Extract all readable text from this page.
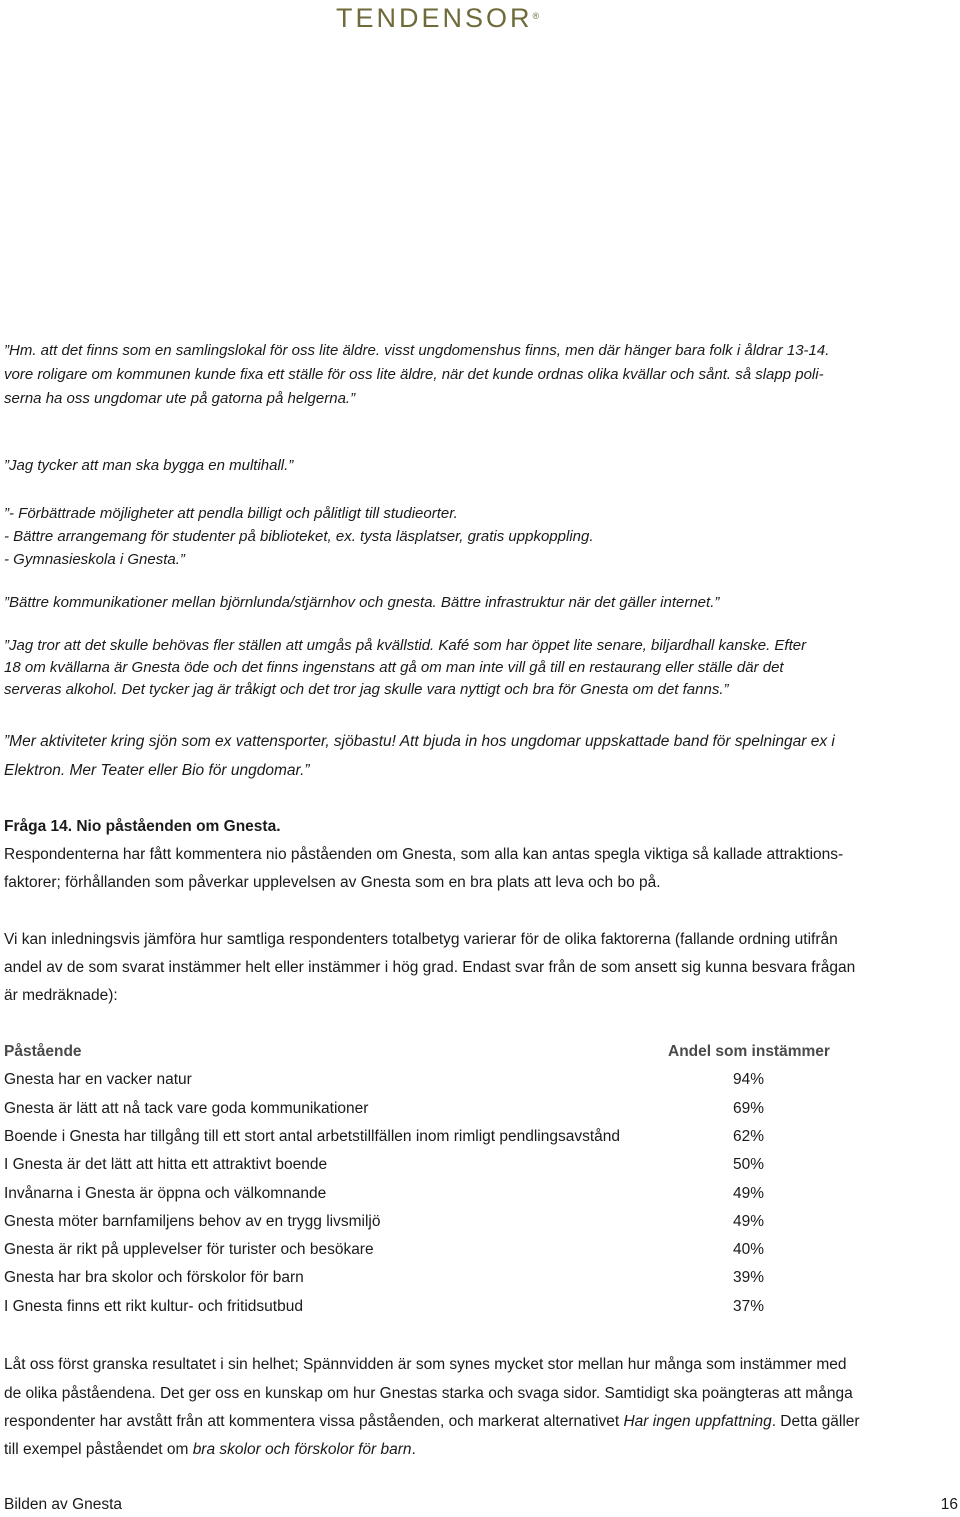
TENDENSOR®
”Hm. att det finns som en samlingslokal för oss lite äldre. visst ungdomenshus finns, men där hänger bara folk i åldrar 13-14.
vore roligare om kommunen kunde fixa ett ställe för oss lite äldre, när det kunde ordnas olika kvällar och sånt. så slapp poli-
serna ha oss ungdomar ute på gatorna på helgerna.”
”Jag tycker att man ska bygga en multihall.”
”- Förbättrade möjligheter att pendla billigt och pålitligt till studieorter.
- Bättre arrangemang för studenter på biblioteket, ex. tysta läsplatser, gratis uppkoppling.
- Gymnasieskola i Gnesta.”
”Bättre kommunikationer mellan björnlunda/stjärnhov och gnesta. Bättre infrastruktur när det gäller internet.”
”Jag tror att det skulle behövas fler ställen att umgås på kvällstid. Kafé som har öppet lite senare, biljardhall kanske. Efter
18 om kvällarna är Gnesta öde och det finns ingenstans att gå om man inte vill gå till en restaurang eller ställe där det
serveras alkohol. Det tycker jag är tråkigt och det tror jag skulle vara nyttigt och bra för Gnesta om det fanns.”
”Mer aktiviteter kring sjön som ex vattensporter, sjöbastu! Att bjuda in hos ungdomar uppskattade band för spelningar ex i
Elektron. Mer Teater eller Bio för ungdomar.”
Fråga 14. Nio påståenden om Gnesta.
Respondenterna har fått kommentera nio påståenden om Gnesta, som alla kan antas spegla viktiga så kallade attraktions-
faktorer; förhållanden som påverkar upplevelsen av Gnesta som en bra plats att leva och bo på.
Vi kan inledningsvis jämföra hur samtliga respondenters totalbetyg varierar för de olika faktorerna (fallande ordning utifrån
andel av de som svarat instämmer helt eller instämmer i hög grad. Endast svar från de som ansett sig kunna besvara frågan
är medräknade):
Påstående	Andel som instämmer
Gnesta har en vacker natur	94%
Gnesta är lätt att nå tack vare goda kommunikationer	69%
Boende i Gnesta har tillgång till ett stort antal arbetstillfällen inom rimligt pendlingsavstånd	62%
I Gnesta är det lätt att hitta ett attraktivt boende	50%
Invånarna i Gnesta är öppna och välkomnande	49%
Gnesta möter barnfamiljens behov av en trygg livsmiljö	49%
Gnesta är rikt på upplevelser för turister och besökare	40%
Gnesta har bra skolor och förskolor för barn	39%
I Gnesta finns ett rikt kultur- och fritidsutbud	37%
Låt oss först granska resultatet i sin helhet; Spännvidden är som synes mycket stor mellan hur många som instämmer med
de olika påståendena. Det ger oss en kunskap om hur Gnestas starka och svaga sidor. Samtidigt ska poängteras att många
respondenter har avstått från att kommentera vissa påståenden, och markerat alternativet Har ingen uppfattning. Detta gäller
till exempel påståendet om bra skolor och förskolor för barn.
Bilden av Gnesta	16
